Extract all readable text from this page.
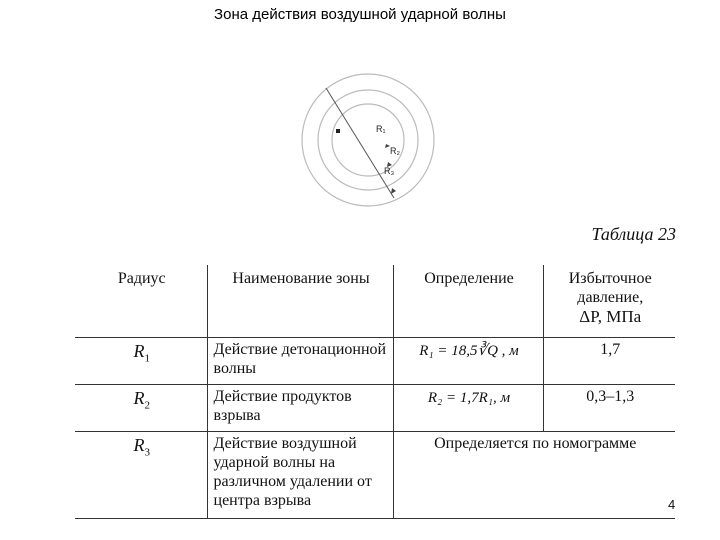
Зона действия воздушной ударной волны
R₁
R₂
R₃
Таблица 23
Радиус	Наименование зоны	Определение	Избыточное
давление,
ΔP, МПа

$R_1$	Действие детонационной волны	R₁ = 18,5∛Q , м	1,7
$R_2$	Действие продуктов взрыва	R₂ = 1,7R₁, м	0,3–1,3
$R_3$	Действие воздушной ударной волны на различном удалении от центра взрыва	Определяется по номограмме	
4
